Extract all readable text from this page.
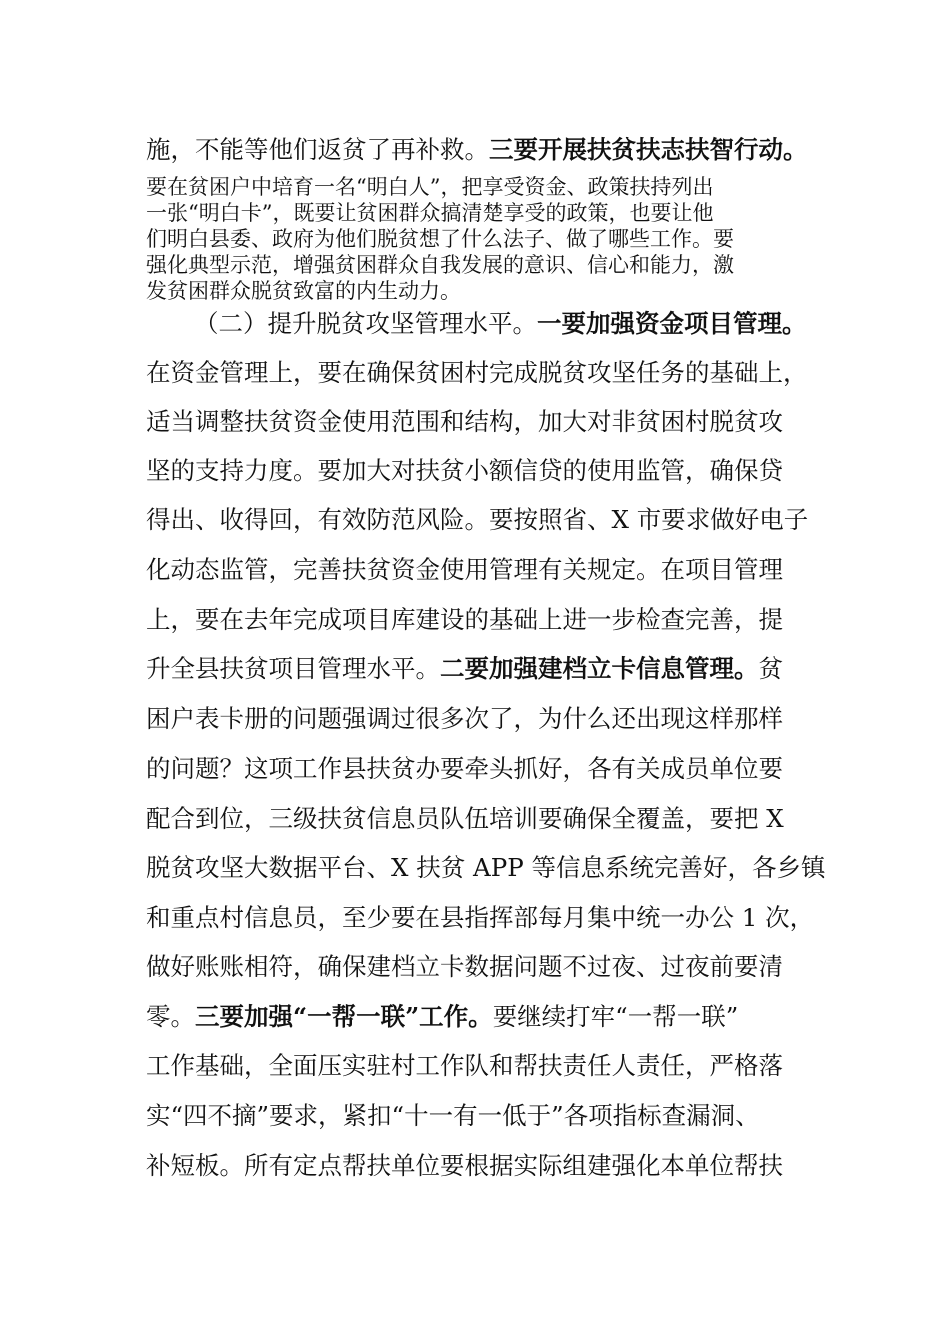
施，不能等他们返贫了再补救。三要开展扶贫扶志扶智行动。
要在贫困户中培育一名“明白人”，把享受资金、政策扶持列出
一张“明白卡”，既要让贫困群众搞清楚享受的政策，也要让他
们明白县委、政府为他们脱贫想了什么法子、做了哪些工作。要
强化典型示范，增强贫困群众自我发展的意识、信心和能力，激
发贫困群众脱贫致富的内生动力。
（二）提升脱贫攻坚管理水平。一要加强资金项目管理。
在资金管理上，要在确保贫困村完成脱贫攻坚任务的基础上，
适当调整扶贫资金使用范围和结构，加大对非贫困村脱贫攻
坚的支持力度。要加大对扶贫小额信贷的使用监管，确保贷
得出、收得回，有效防范风险。要按照省、X 市要求做好电子
化动态监管，完善扶贫资金使用管理有关规定。在项目管理
上，要在去年完成项目库建设的基础上进一步检查完善，提
升全县扶贫项目管理水平。二要加强建档立卡信息管理。贫
困户表卡册的问题强调过很多次了，为什么还出现这样那样
的问题？这项工作县扶贫办要牵头抓好，各有关成员单位要
配合到位，三级扶贫信息员队伍培训要确保全覆盖，要把 X
脱贫攻坚大数据平台、X 扶贫 APP 等信息系统完善好，各乡镇
和重点村信息员，至少要在县指挥部每月集中统一办公 1 次，
做好账账相符，确保建档立卡数据问题不过夜、过夜前要清
零。三要加强“一帮一联”工作。要继续打牢“一帮一联”
工作基础，全面压实驻村工作队和帮扶责任人责任，严格落
实“四不摘”要求，紧扣“十一有一低于”各项指标查漏洞、
补短板。所有定点帮扶单位要根据实际组建强化本单位帮扶
